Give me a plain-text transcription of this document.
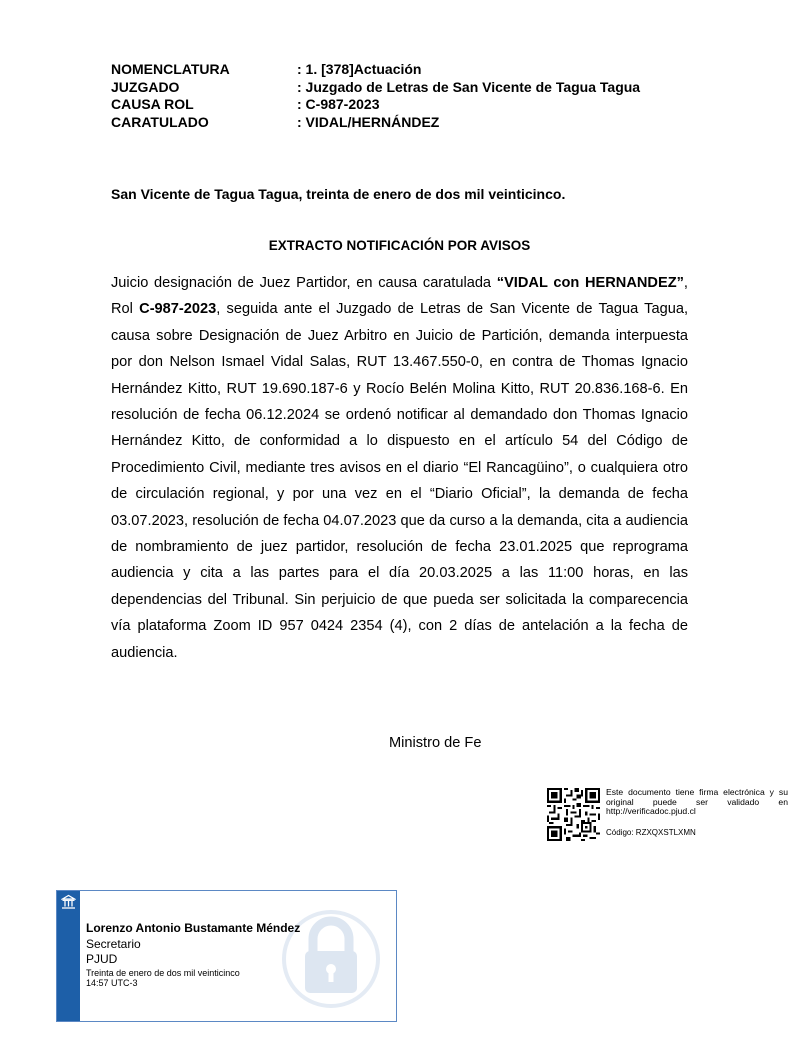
NOMENCLATURA	: 1. [378]Actuación
JUZGADO	: Juzgado de Letras de San Vicente de Tagua Tagua
CAUSA ROL	: C-987-2023
CARATULADO	: VIDAL/HERNÁNDEZ
San Vicente de Tagua Tagua, treinta de enero de dos mil veinticinco.
EXTRACTO NOTIFICACIÓN POR AVISOS
Juicio designación de Juez Partidor, en causa caratulada “VIDAL con HERNANDEZ”, Rol C-987-2023, seguida ante el Juzgado de Letras de San Vicente de Tagua Tagua, causa sobre Designación de Juez Arbitro en Juicio de Partición, demanda interpuesta por don Nelson Ismael Vidal Salas, RUT 13.467.550-0, en contra de Thomas Ignacio Hernández Kitto, RUT 19.690.187-6 y Rocío Belén Molina Kitto, RUT 20.836.168-6. En resolución de fecha 06.12.2024 se ordenó notificar al demandado don Thomas Ignacio Hernández Kitto, de conformidad a lo dispuesto en el artículo 54 del Código de Procedimiento Civil, mediante tres avisos en el diario “El Rancagüino”, o cualquiera otro de circulación regional, y por una vez en el “Diario Oficial”, la demanda de fecha 03.07.2023, resolución de fecha 04.07.2023 que da curso a la demanda, cita a audiencia de nombramiento de juez partidor, resolución de fecha 23.01.2025 que reprograma audiencia y cita a las partes para el día 20.03.2025 a las 11:00 horas, en las dependencias del Tribunal. Sin perjuicio de que pueda ser solicitada la comparecencia vía plataforma Zoom ID 957 0424 2354 (4), con 2 días de antelación a la fecha de audiencia.
Ministro de Fe
Este documento tiene firma electrónica y su original puede ser validado en http://verificadoc.pjud.cl
Código: RZXQXSTLXMN
Lorenzo Antonio Bustamante Méndez
Secretario
PJUD
Treinta de enero de dos mil veinticinco
14:57 UTC-3
